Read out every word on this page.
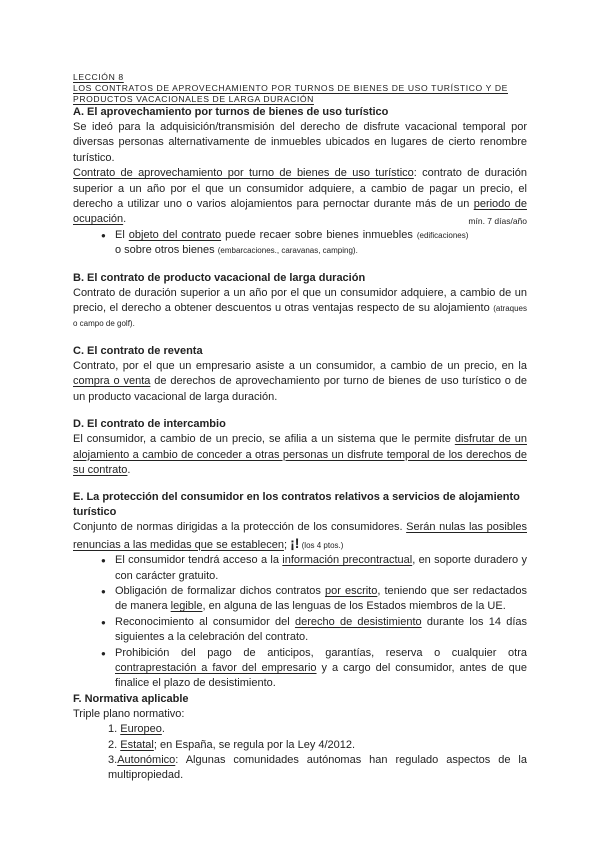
LECCIÓN 8
LOS CONTRATOS DE APROVECHAMIENTO POR TURNOS DE BIENES DE USO TURÍSTICO Y DE PRODUCTOS VACACIONALES DE LARGA DURACIÓN
A. El aprovechamiento por turnos de bienes de uso turístico

Se ideó para la adquisición/transmisión del derecho de disfrute vacacional temporal por diversas personas alternativamente de inmuebles ubicados en lugares de cierto renombre turístico.

Contrato de aprovechamiento por turno de bienes de uso turístico: contrato de duración superior a un año por el que un consumidor adquiere, a cambio de pagar un precio, el derecho a utilizar uno o varios alojamientos para pernoctar durante más de un periodo de ocupación.	mín. 7 días/año

● El objeto del contrato puede recaer sobre bienes inmuebles (edificaciones) o sobre otros bienes (embarcaciones., caravanas, camping).
B. El contrato de producto vacacional de larga duración

Contrato de duración superior a un año por el que un consumidor adquiere, a cambio de un precio, el derecho a obtener descuentos u otras ventajas respecto de su alojamiento (atraques o campo de golf).

C. El contrato de reventa

Contrato, por el que un empresario asiste a un consumidor, a cambio de un precio, en la compra o venta de derechos de aprovechamiento por turno de bienes de uso turístico o de un producto vacacional de larga duración.

D. El contrato de intercambio

El consumidor, a cambio de un precio, se afilia a un sistema que le permite disfrutar de un alojamiento a cambio de conceder a otras personas un disfrute temporal de los derechos de su contrato.

E. La protección del consumidor en los contratos relativos a servicios de alojamiento turístico

Conjunto de normas dirigidas a la protección de los consumidores. Serán nulas las posibles renuncias a las medidas que se establecen; ¡! (los 4 ptos.)

● El consumidor tendrá acceso a la información precontractual, en soporte duradero y con carácter gratuito.
● Obligación de formalizar dichos contratos por escrito, teniendo que ser redactados de manera legible, en alguna de las lenguas de los Estados miembros de la UE.
● Reconocimiento al consumidor del derecho de desistimiento durante los 14 días siguientes a la celebración del contrato.
● Prohibición del pago de anticipos, garantías, reserva o cualquier otra contraprestación a favor del empresario y a cargo del consumidor, antes de que finalice el plazo de desistimiento.
F. Normativa aplicable

Triple plano normativo:

1. Europeo.
2. Estatal; en España, se regula por la Ley 4/2012.
3.Autonómico: Algunas comunidades autónomas han regulado aspectos de la multipropiedad.
